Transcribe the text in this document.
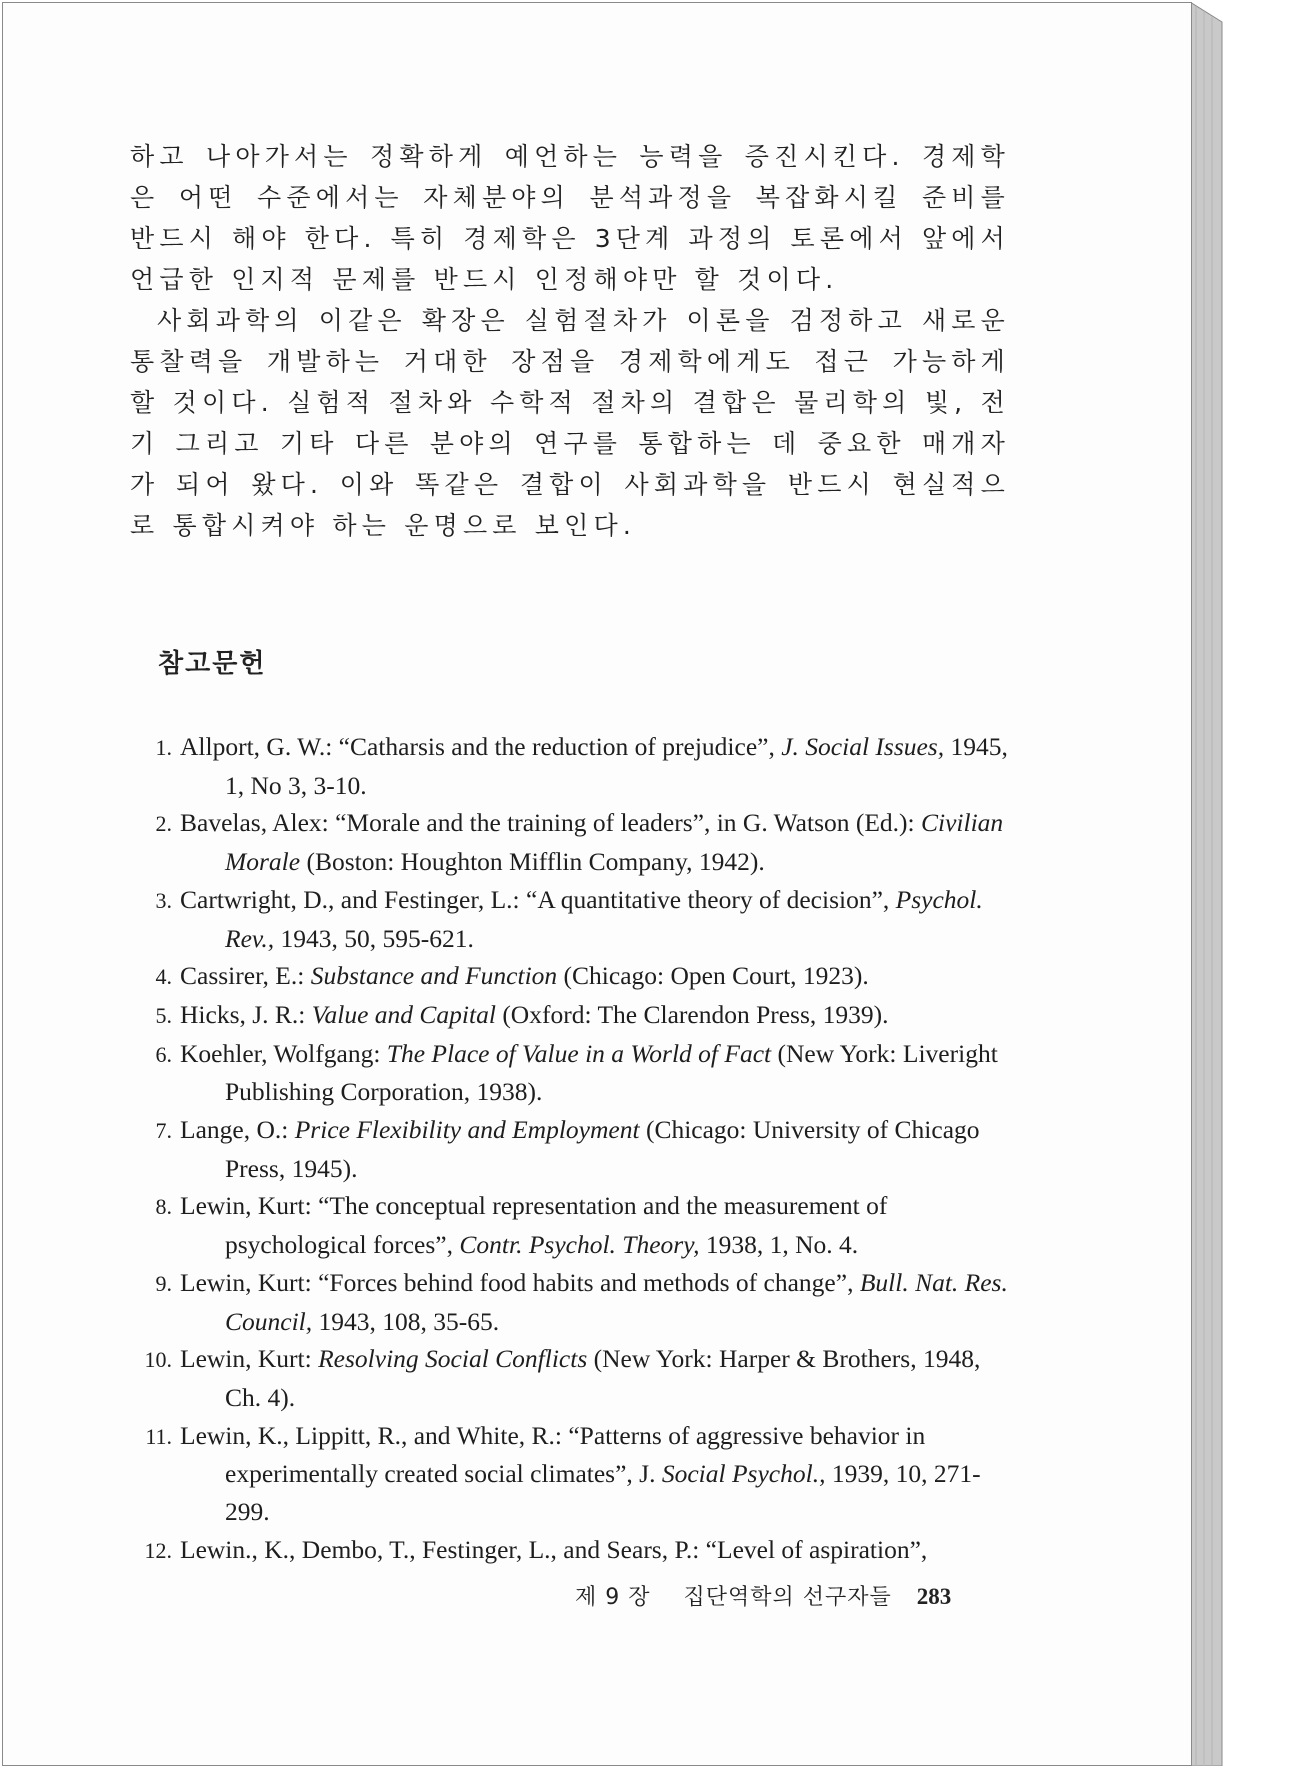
하고 나아가서는 정확하게 예언하는 능력을 증진시킨다. 경제학은 어떤 수준에서는 자체분야의 분석과정을 복잡화시킬 준비를 반드시 해야 한다. 특히 경제학은 3단계 과정의 토론에서 앞에서 언급한 인지적 문제를 반드시 인정해야만 할 것이다.

사회과학의 이같은 확장은 실험절차가 이론을 검정하고 새로운 통찰력을 개발하는 거대한 장점을 경제학에게도 접근 가능하게 할 것이다. 실험적 절차와 수학적 절차의 결합은 물리학의 빛, 전기 그리고 기타 다른 분야의 연구를 통합하는 데 중요한 매개자가 되어 왔다. 이와 똑같은 결합이 사회과학을 반드시 현실적으로 통합시켜야 하는 운명으로 보인다.

참고문헌

1. Allport, G. W.: “Catharsis and the reduction of prejudice”, J. Social Issues, 1945, 1, No 3, 3-10.

2. Bavelas, Alex: “Morale and the training of leaders”, in G. Watson (Ed.): Civilian Morale (Boston: Houghton Mifflin Company, 1942).

3. Cartwright, D., and Festinger, L.: “A quantitative theory of decision”, Psychol. Rev., 1943, 50, 595-621.

4. Cassirer, E.: Substance and Function (Chicago: Open Court, 1923).

5. Hicks, J. R.: Value and Capital (Oxford: The Clarendon Press, 1939).

6. Koehler, Wolfgang: The Place of Value in a World of Fact (New York: Liveright Publishing Corporation, 1938).

7. Lange, O.: Price Flexibility and Employment (Chicago: University of Chicago Press, 1945).

8. Lewin, Kurt: “The conceptual representation and the measurement of psychological forces”, Contr. Psychol. Theory, 1938, 1, No. 4.

9. Lewin, Kurt: “Forces behind food habits and methods of change”, Bull. Nat. Res. Council, 1943, 108, 35-65.

10. Lewin, Kurt: Resolving Social Conflicts (New York: Harper & Brothers, 1948, Ch. 4).

11. Lewin, K., Lippitt, R., and White, R.: “Patterns of aggressive behavior in experimentally created social climates”, J. Social Psychol., 1939, 10, 271-299.

12. Lewin., K., Dembo, T., Festinger, L., and Sears, P.: “Level of aspiration”,

제 9 장 집단역학의 선구자들 283
